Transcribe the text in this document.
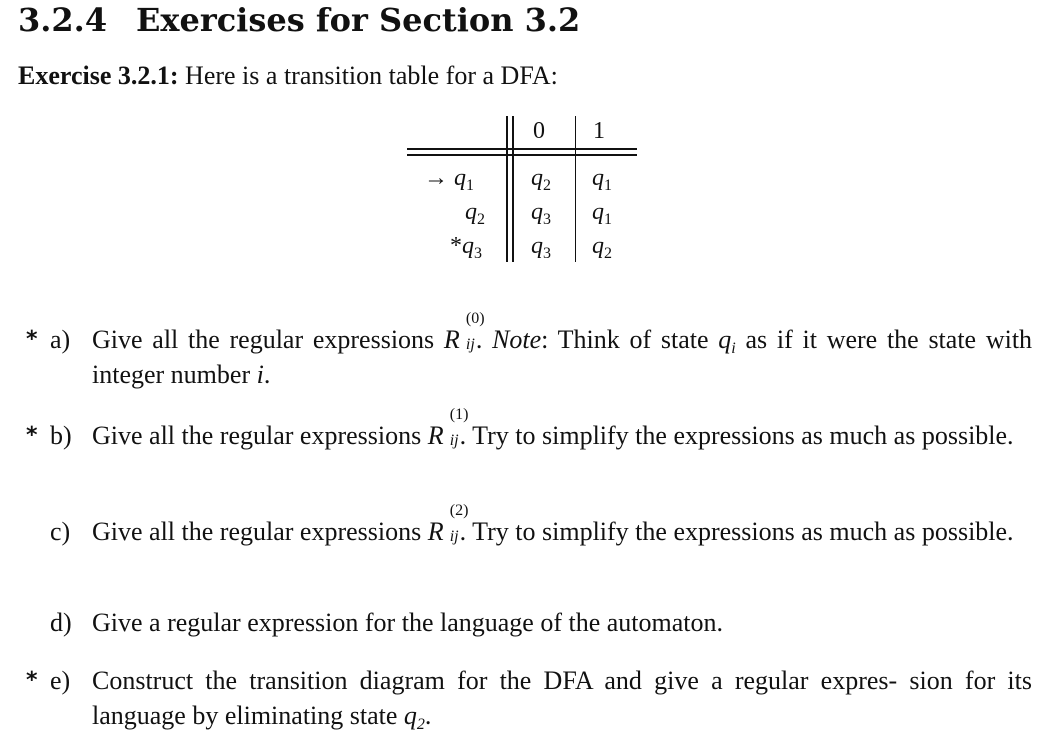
3.2.4 Exercises for Section 3.2
Exercise 3.2.1: Here is a transition table for a DFA:
0 1
→ $q_1$ $q_2$ $q_1$
$q_2$ $q_3$ $q_1$
$*q_3$ $q_3$ $q_2$
* a) Give all the regular expressions R
(0)
ij . Note: Think of state $q_i$ as if it were the state with integer number i.
* b) Give all the regular expressions R
(1)
ij . Try to simplify the expressions as much as possible.
c) Give all the regular expressions R
(2)
ij . Try to simplify the expressions as much as possible.
d) Give a regular expression for the language of the automaton.
* e) Construct the transition diagram for the DFA and give a regular expres- sion for its language by eliminating state $q_2$.
